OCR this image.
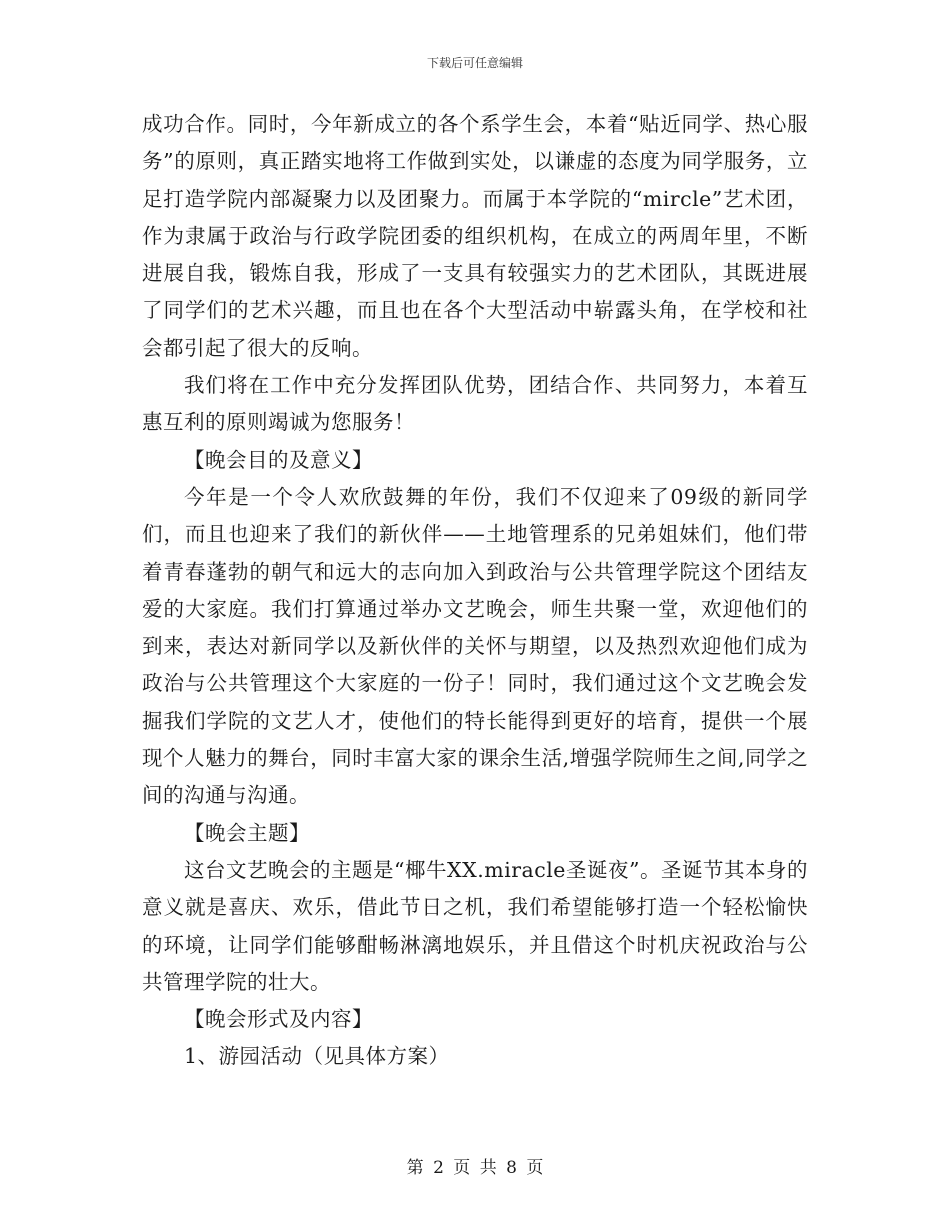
下载后可任意编辑

成功合作。同时，今年新成立的各个系学生会，本着“贴近同学、热心服务”的原则，真正踏实地将工作做到实处，以谦虚的态度为同学服务，立足打造学院内部凝聚力以及团聚力。而属于本学院的“mircle”艺术团，作为隶属于政治与行政学院团委的组织机构，在成立的两周年里，不断进展自我，锻炼自我，形成了一支具有较强实力的艺术团队，其既进展了同学们的艺术兴趣，而且也在各个大型活动中崭露头角，在学校和社会都引起了很大的反响。

我们将在工作中充分发挥团队优势，团结合作、共同努力，本着互惠互利的原则竭诚为您服务！

【晚会目的及意义】

今年是一个令人欢欣鼓舞的年份，我们不仅迎来了09级的新同学们，而且也迎来了我们的新伙伴——土地管理系的兄弟姐妹们，他们带着青春蓬勃的朝气和远大的志向加入到政治与公共管理学院这个团结友爱的大家庭。我们打算通过举办文艺晚会，师生共聚一堂，欢迎他们的到来，表达对新同学以及新伙伴的关怀与期望，以及热烈欢迎他们成为政治与公共管理这个大家庭的一份子！同时，我们通过这个文艺晚会发掘我们学院的文艺人才，使他们的特长能得到更好的培育，提供一个展现个人魅力的舞台，同时丰富大家的课余生活,增强学院师生之间,同学之间的沟通与沟通。

【晚会主题】

这台文艺晚会的主题是“椰牛XX.miracle圣诞夜”。圣诞节其本身的意义就是喜庆、欢乐，借此节日之机，我们希望能够打造一个轻松愉快的环境，让同学们能够酣畅淋漓地娱乐，并且借这个时机庆祝政治与公共管理学院的壮大。

【晚会形式及内容】

1、游园活动（见具体方案）

第 2 页 共 8 页
